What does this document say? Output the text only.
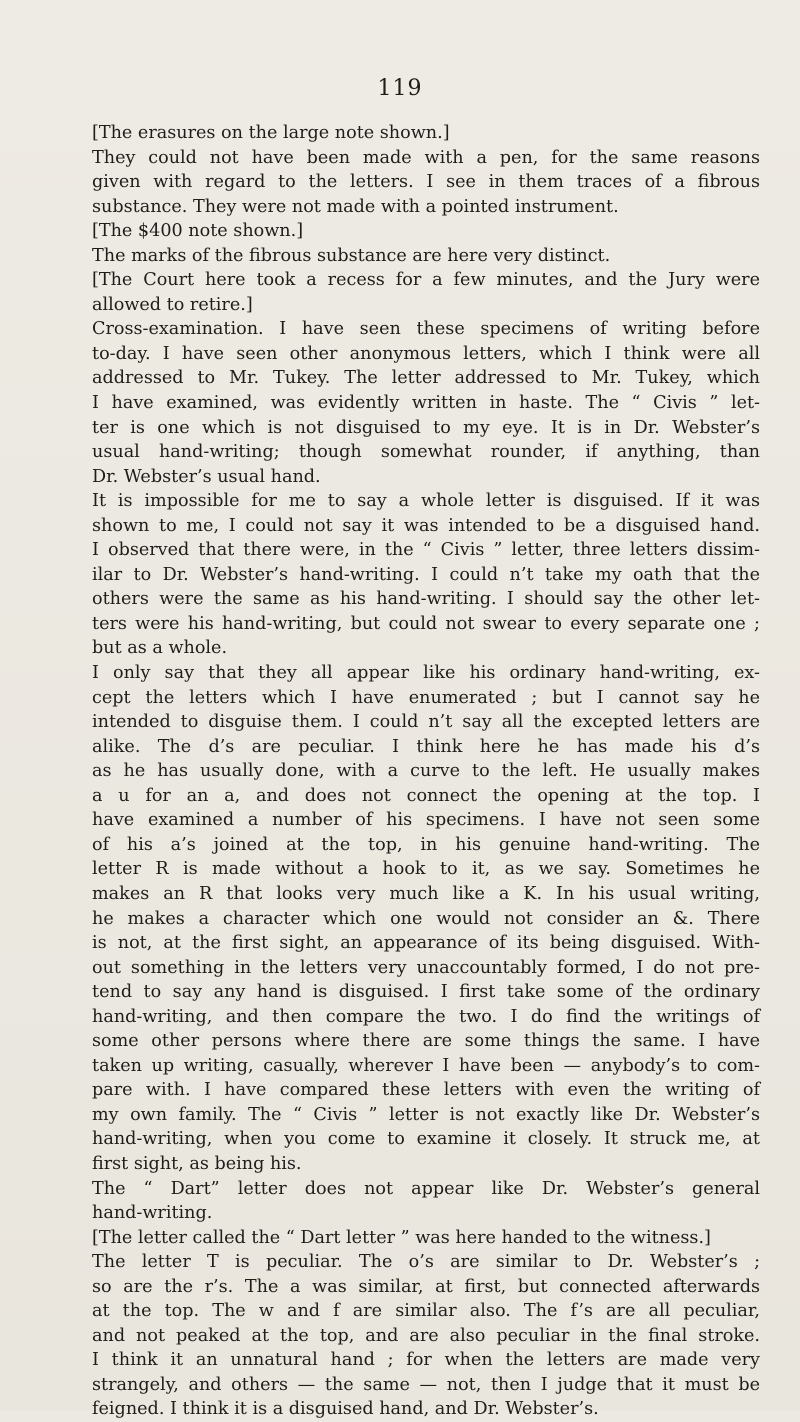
119

[The erasures on the large note shown.]

They could not have been made with a pen, for the same reasons
given with regard to the letters. I see in them traces of a fibrous
substance. They were not made with a pointed instrument.

[The $400 note shown.]

The marks of the fibrous substance are here very distinct.

[The Court here took a recess for a few minutes, and the Jury were
allowed to retire.]

Cross-examination. I have seen these specimens of writing before
to-day. I have seen other anonymous letters, which I think were all
addressed to Mr. Tukey. The letter addressed to Mr. Tukey, which
I have examined, was evidently written in haste. The “ Civis ” let-
ter is one which is not disguised to my eye. It is in Dr. Webster’s
usual hand-writing; though somewhat rounder, if anything, than
Dr. Webster’s usual hand.

It is impossible for me to say a whole letter is disguised. If it was
shown to me, I could not say it was intended to be a disguised hand.
I observed that there were, in the “ Civis ” letter, three letters dissim-
ilar to Dr. Webster’s hand-writing. I could n’t take my oath that the
others were the same as his hand-writing. I should say the other let-
ters were his hand-writing, but could not swear to every separate one ;
but as a whole.

I only say that they all appear like his ordinary hand-writing, ex-
cept the letters which I have enumerated ; but I cannot say he
intended to disguise them. I could n’t say all the excepted letters are
alike. The d’s are peculiar. I think here he has made his d’s
as he has usually done, with a curve to the left. He usually makes
a u for an a, and does not connect the opening at the top. I
have examined a number of his specimens. I have not seen some
of his a’s joined at the top, in his genuine hand-writing. The
letter R is made without a hook to it, as we say. Sometimes he
makes an R that looks very much like a K. In his usual writing,
he makes a character which one would not consider an &. There
is not, at the first sight, an appearance of its being disguised. With-
out something in the letters very unaccountably formed, I do not pre-
tend to say any hand is disguised. I first take some of the ordinary
hand-writing, and then compare the two. I do find the writings of
some other persons where there are some things the same. I have
taken up writing, casually, wherever I have been — anybody’s to com-
pare with. I have compared these letters with even the writing of
my own family. The “ Civis ” letter is not exactly like Dr. Webster’s
hand-writing, when you come to examine it closely. It struck me, at
first sight, as being his.

The “ Dart” letter does not appear like Dr. Webster’s general
hand-writing.

[The letter called the “ Dart letter ” was here handed to the witness.]

The letter T is peculiar. The o’s are similar to Dr. Webster’s ;
so are the r’s. The a was similar, at first, but connected afterwards
at the top. The w and f are similar also. The f’s are all peculiar,
and not peaked at the top, and are also peculiar in the final stroke.
I think it an unnatural hand ; for when the letters are made very
strangely, and others — the same — not, then I judge that it must be
feigned. I think it is a disguised hand, and Dr. Webster’s.
